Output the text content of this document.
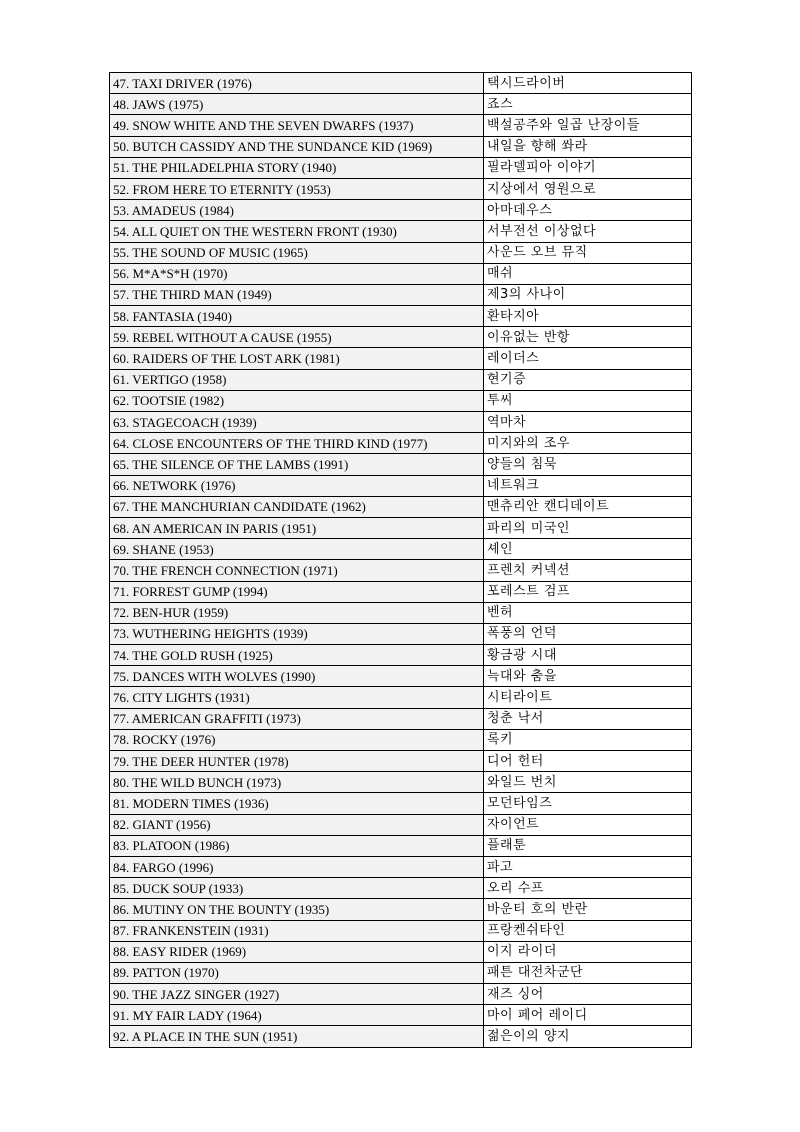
47. TAXI DRIVER (1976)	택시드라이버
48. JAWS (1975)	죠스
49. SNOW WHITE AND THE SEVEN DWARFS (1937)	백설공주와 일곱 난장이들
50. BUTCH CASSIDY AND THE SUNDANCE KID (1969)	내일을 향해 쏴라
51. THE PHILADELPHIA STORY (1940)	필라델피아 이야기
52. FROM HERE TO ETERNITY (1953)	지상에서 영원으로
53. AMADEUS (1984)	아마데우스
54. ALL QUIET ON THE WESTERN FRONT (1930)	서부전선 이상없다
55. THE SOUND OF MUSIC (1965)	사운드 오브 뮤직
56. M*A*S*H (1970)	매쉬
57. THE THIRD MAN (1949)	제3의 사나이
58. FANTASIA (1940)	환타지아
59. REBEL WITHOUT A CAUSE (1955)	이유없는 반항
60. RAIDERS OF THE LOST ARK (1981)	레이더스
61. VERTIGO (1958)	현기증
62. TOOTSIE (1982)	투씨
63. STAGECOACH (1939)	역마차
64. CLOSE ENCOUNTERS OF THE THIRD KIND (1977)	미지와의 조우
65. THE SILENCE OF THE LAMBS (1991)	양들의 침묵
66. NETWORK (1976)	네트워크
67. THE MANCHURIAN CANDIDATE (1962)	맨츄리안 캔디데이트
68. AN AMERICAN IN PARIS (1951)	파리의 미국인
69. SHANE (1953)	셰인
70. THE FRENCH CONNECTION (1971)	프렌치 커넥션
71. FORREST GUMP (1994)	포레스트 검프
72. BEN-HUR (1959)	벤허
73. WUTHERING HEIGHTS (1939)	폭풍의 언덕
74. THE GOLD RUSH (1925)	황금광 시대
75. DANCES WITH WOLVES (1990)	늑대와 춤을
76. CITY LIGHTS (1931)	시티라이트
77. AMERICAN GRAFFITI (1973)	청춘 낙서
78. ROCKY (1976)	록키
79. THE DEER HUNTER (1978)	디어 헌터
80. THE WILD BUNCH (1973)	와일드 번치
81. MODERN TIMES (1936)	모던타임즈
82. GIANT (1956)	자이언트
83. PLATOON (1986)	플래툰
84. FARGO (1996)	파고
85. DUCK SOUP (1933)	오리 수프
86. MUTINY ON THE BOUNTY (1935)	바운티 호의 반란
87. FRANKENSTEIN (1931)	프랑켄쉬타인
88. EASY RIDER (1969)	이지 라이더
89. PATTON (1970)	패튼 대전차군단
90. THE JAZZ SINGER (1927)	재즈 싱어
91. MY FAIR LADY (1964)	마이 페어 레이디
92. A PLACE IN THE SUN (1951)	젊은이의 양지
